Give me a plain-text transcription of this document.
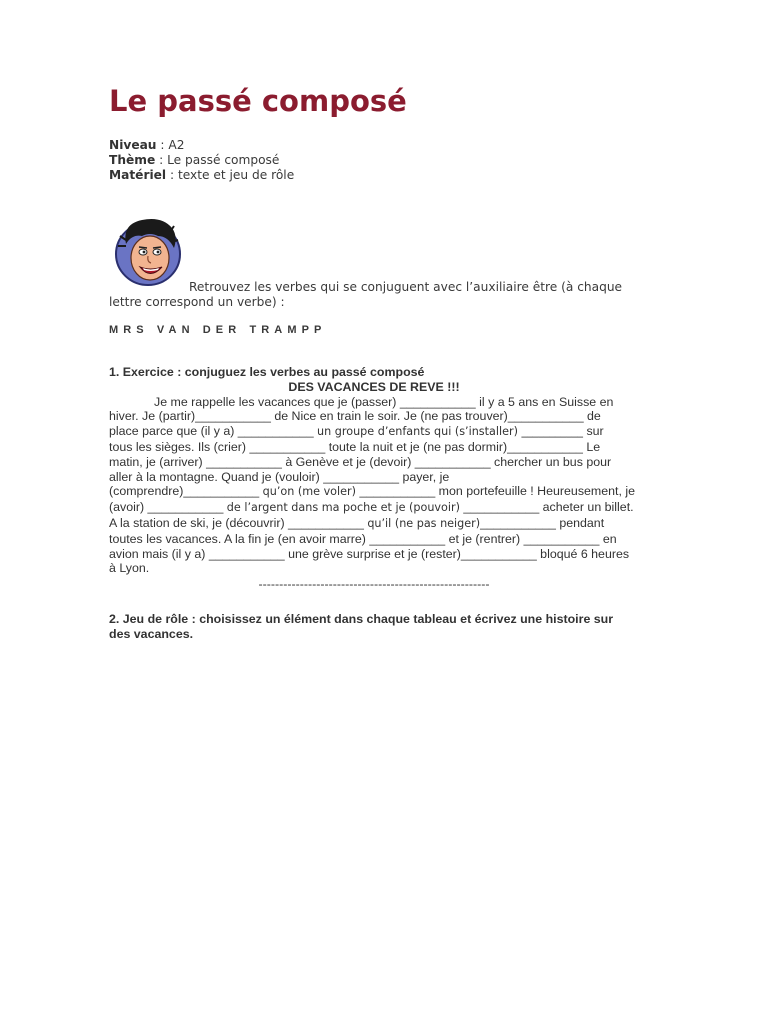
Le passé composé
Niveau : A2
Thème : Le passé composé
Matériel : texte et jeu de rôle
Retrouvez les verbes qui se conjuguent avec l’auxiliaire être (à chaque
lettre correspond un verbe) :
MRS VAN DER TRAMPP
1. Exercice : conjuguez les verbes au passé composé
DES VACANCES DE REVE !!!
Je me rappelle les vacances que je (passer) ___________ il y a 5 ans en Suisse en
hiver. Je (partir)___________ de Nice en train le soir. Je (ne pas trouver)___________ de
place parce que (il y a) ___________ un groupe d’enfants qui (s’installer) ___________ sur
tous les sièges. Ils (crier) ___________ toute la nuit et je (ne pas dormir)___________ Le
matin, je (arriver) ___________ à Genève et je (devoir) ___________ chercher un bus pour
aller à la montagne. Quand je (vouloir) ___________ payer, je
(comprendre)___________ qu’on (me voler) ___________ mon portefeuille ! Heureusement, je
(avoir) ___________ de l’argent dans ma poche et je (pouvoir) ___________ acheter un billet.
A la station de ski, je (découvrir) ___________ qu’il (ne pas neiger)___________ pendant
toutes les vacances. A la fin je (en avoir marre) ___________ et je (rentrer) ___________ en
avion mais (il y a) ___________ une grève surprise et je (rester)___________ bloqué 6 heures
à Lyon.
--------------------------------------------------------
2. Jeu de rôle : choisissez un élément dans chaque tableau et écrivez une histoire sur
des vacances.
